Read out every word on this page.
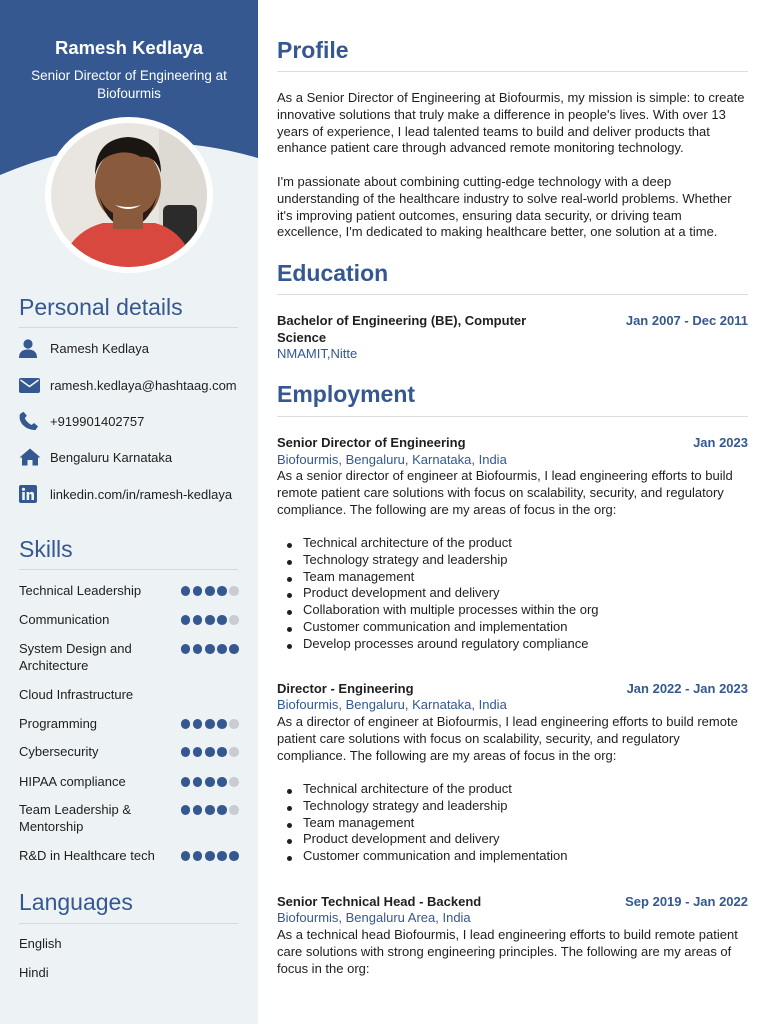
Ramesh Kedlaya
Senior Director of Engineering at Biofourmis
Personal details
Ramesh Kedlaya
ramesh.kedlaya@hashtaag.com
+919901402757
Bengaluru Karnataka
linkedin.com/in/ramesh-kedlaya
Skills
Technical Leadership
Communication
System Design and Architecture
Cloud Infrastructure
Programming
Cybersecurity
HIPAA compliance
Team Leadership & Mentorship
R&D in Healthcare tech
Languages
English
Hindi
Profile

As a Senior Director of Engineering at Biofourmis, my mission is simple: to create innovative solutions that truly make a difference in people's lives. With over 13 years of experience, I lead talented teams to build and deliver products that enhance patient care through advanced remote monitoring technology.

I'm passionate about combining cutting-edge technology with a deep understanding of the healthcare industry to solve real-world problems. Whether it's improving patient outcomes, ensuring data security, or driving team excellence, I'm dedicated to making healthcare better, one solution at a time.

Education
Bachelor of Engineering (BE), Computer Science
Jan 2007 - Dec 2011
NMAMIT,Nitte
Employment
Senior Director of Engineering	Jan 2023
Biofourmis, Bengaluru, Karnataka, India

As a senior director of engineer at Biofourmis, I lead engineering efforts to build remote patient care solutions with focus on scalability, security, and regulatory compliance. The following are my areas of focus in the org:

Technical architecture of the product
Technology strategy and leadership
Team management
Product development and delivery
Collaboration with multiple processes within the org
Customer communication and implementation
Develop processes around regulatory compliance
Director - Engineering	Jan 2022 - Jan 2023
Biofourmis, Bengaluru, Karnataka, India

As a director of engineer at Biofourmis, I lead engineering efforts to build remote patient care solutions with focus on scalability, security, and regulatory compliance. The following are my areas of focus in the org:

Technical architecture of the product
Technology strategy and leadership
Team management
Product development and delivery
Customer communication and implementation
Senior Technical Head - Backend	Sep 2019 - Jan 2022
Biofourmis, Bengaluru Area, India

As a technical head Biofourmis, I lead engineering efforts to build remote patient care solutions with strong engineering principles. The following are my areas of focus in the org:
